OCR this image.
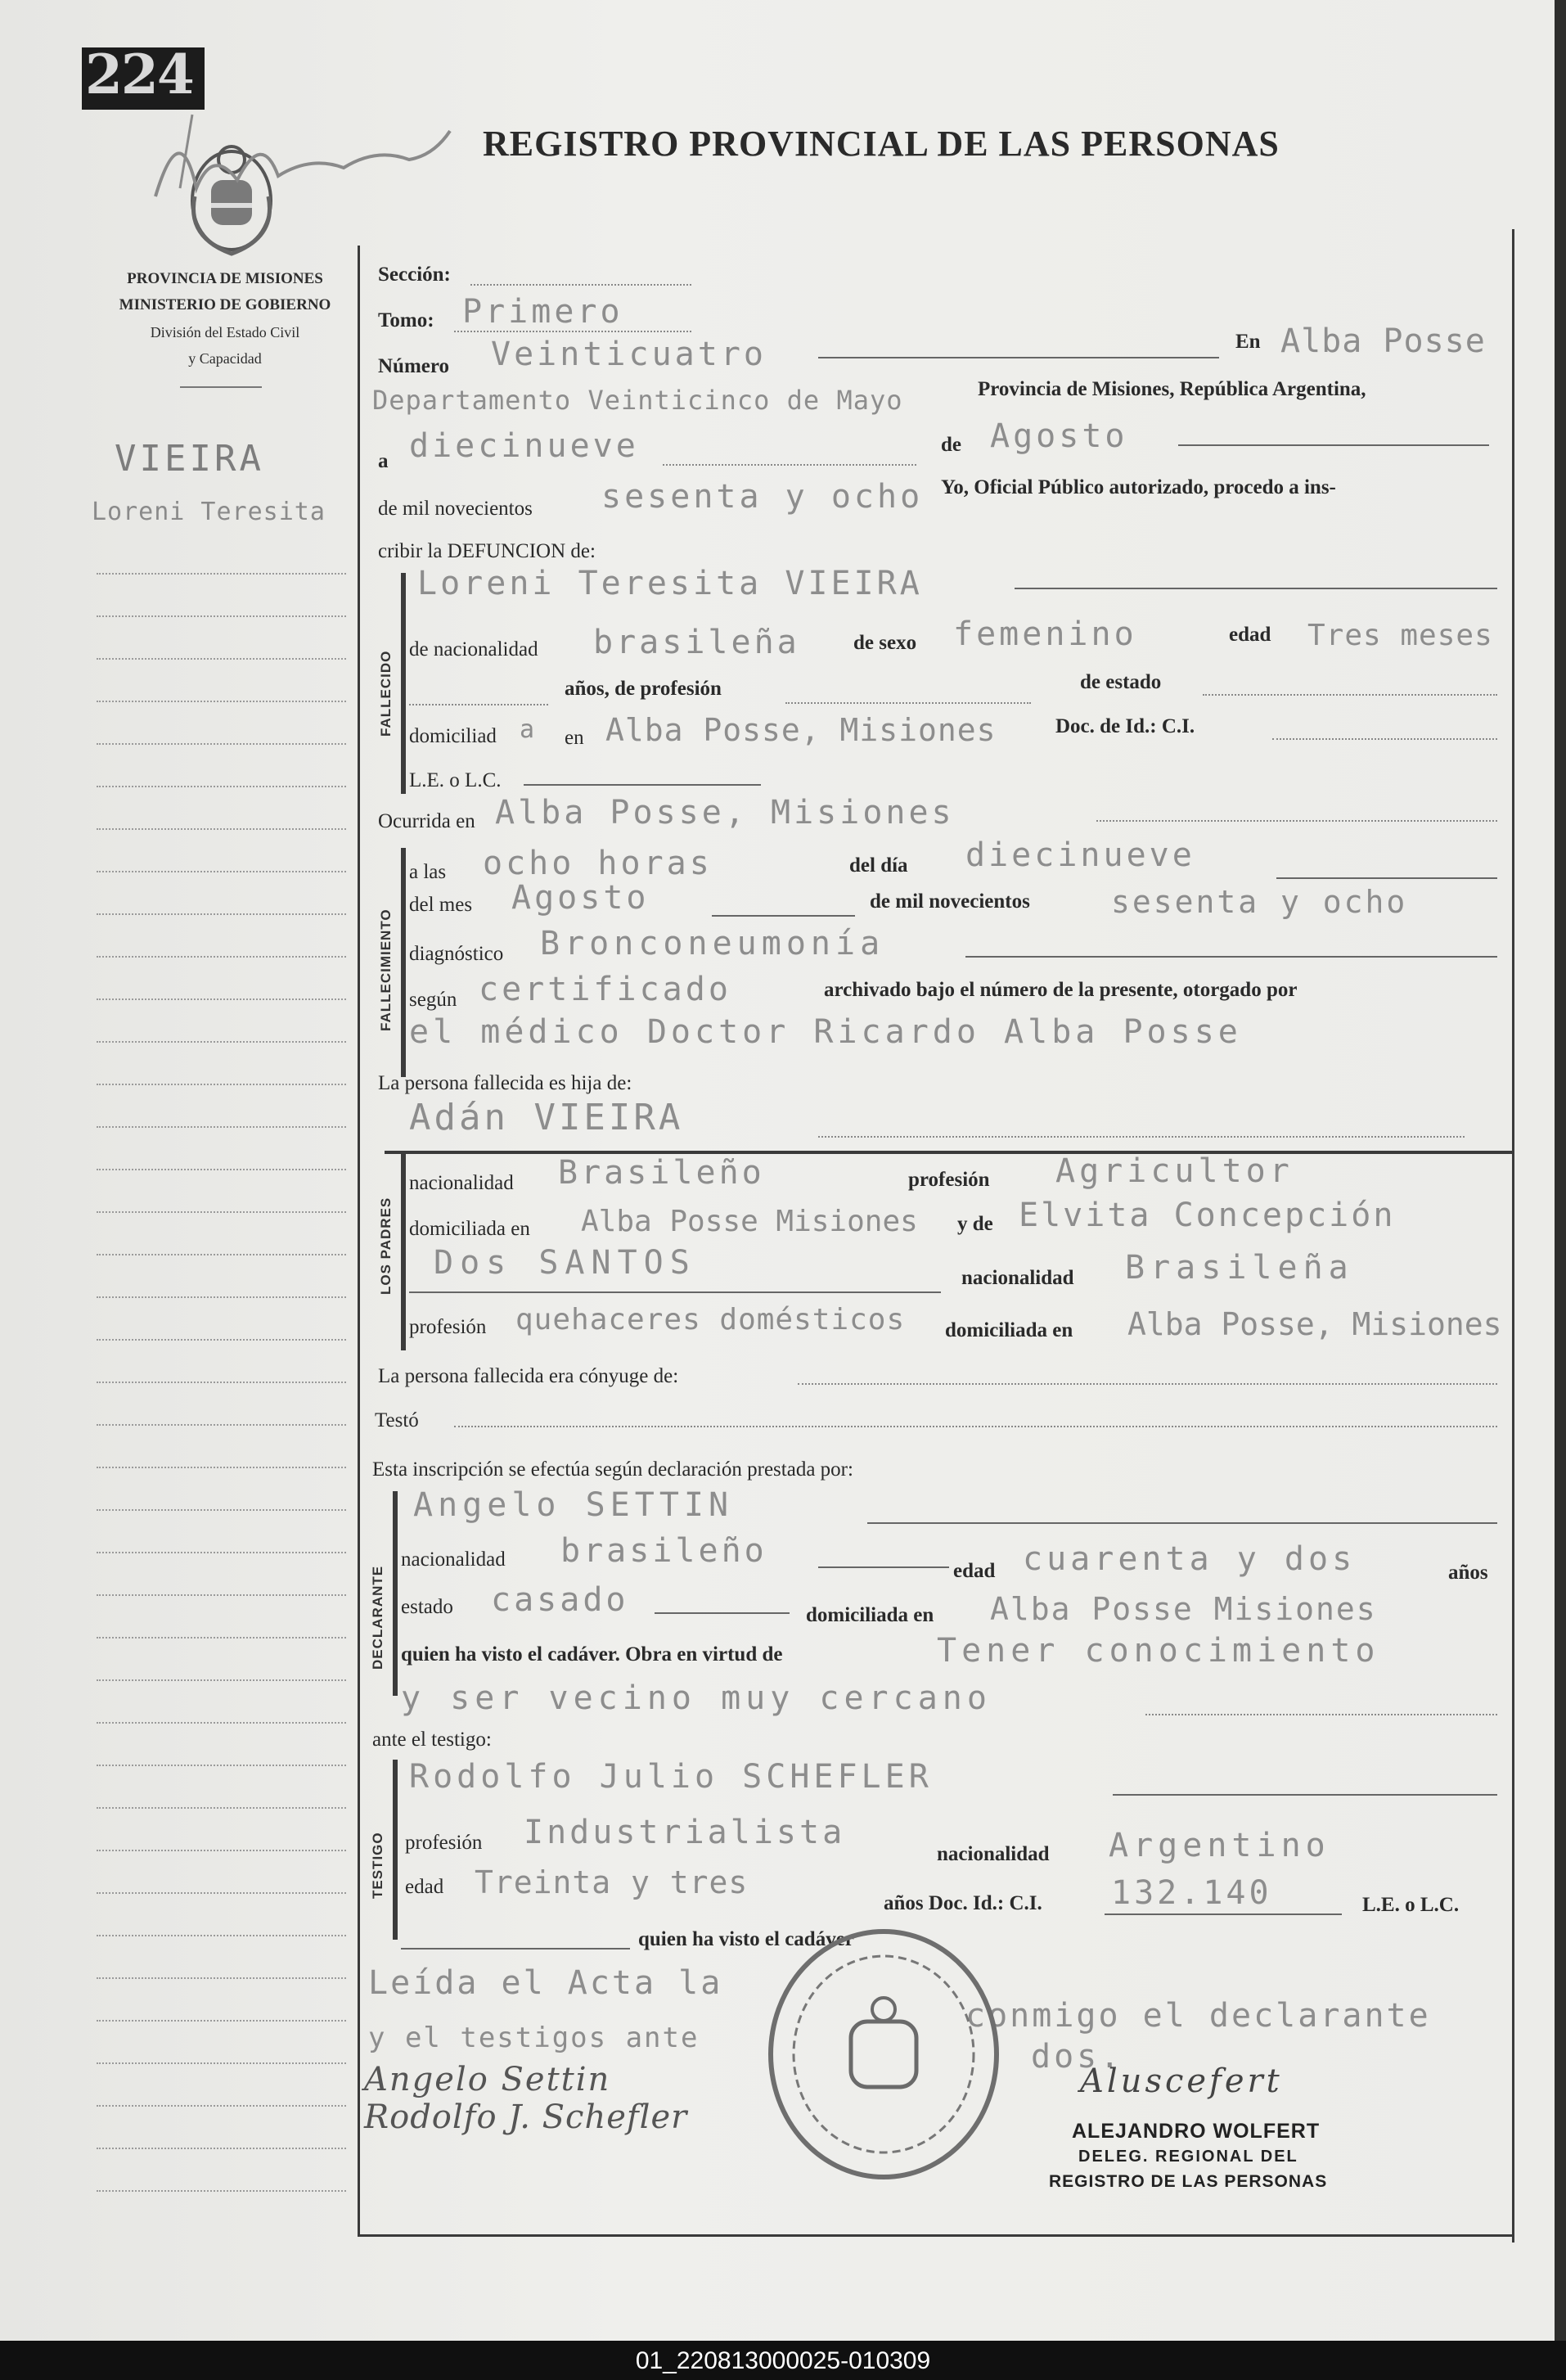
224
REGISTRO PROVINCIAL DE LAS PERSONAS
PROVINCIA DE MISIONES
MINISTERIO DE GOBIERNO
División del Estado Civil
y Capacidad
VIEIRA
Loreni Teresita
Sección:
Tomo: Primero
Número Veinticuatro	En Alba Posse
Departamento Veinticinco de Mayo	Provincia de Misiones, República Argentina,
a diecinueve	de Agosto
de mil novecientos sesenta y ocho Yo, Oficial Público autorizado, procedo a ins-
cribir la DEFUNCION de:
FALLECIDO
Loreni Teresita VIEIRA
de nacionalidad brasileña	de sexo femenino	edad Tres meses
años, de profesión	de estado
domiciliad a en Alba Posse, Misiones	Doc. de Id.: C.I.
L.E. o L.C.
Ocurrida en Alba Posse, Misiones
FALLECIMIENTO
a las ocho horas	del día diecinueve
del mes Agosto	de mil novecientos	sesenta y ocho
diagnóstico Bronconeumonía
según certificado	archivado bajo el número de la presente, otorgado por
el médico Doctor Ricardo Alba Posse
La persona fallecida es hija de:
LOS PADRES
Adán VIEIRA
nacionalidad Brasileño	profesión Agricultor
domiciliada en Alba Posse Misiones y de Elvita Concepción
Dos SANTOS	nacionalidad Brasileña
profesión quehaceres domésticos domiciliada en Alba Posse, Misiones
La persona fallecida era cónyuge de:
Testó
Esta inscripción se efectúa según declaración prestada por:
DECLARANTE
Angelo SETTIN
nacionalidad brasileño
edad cuarenta y dos	años
estado casado	domiciliada en Alba Posse Misiones
quien ha visto el cadáver. Obra en virtud de	Tener conocimiento
y ser vecino muy cercano
ante el testigo:
TESTIGO
Rodolfo Julio SCHEFLER
profesión Industrialista
nacionalidad Argentino
edad Treinta y tres
años Doc. Id.: C.I. 132.140	L.E. o L.C.
quien ha visto el cadáver
Leída el Acta la
conmigo el declarante
y el testigos ante	dos.
Angelo Settin
Rodolfo J. Schefler
Aluscefert
ALEJANDRO WOLFERT
DELEG. REGIONAL DEL
REGISTRO DE LAS PERSONAS
01_220813000025-010309
